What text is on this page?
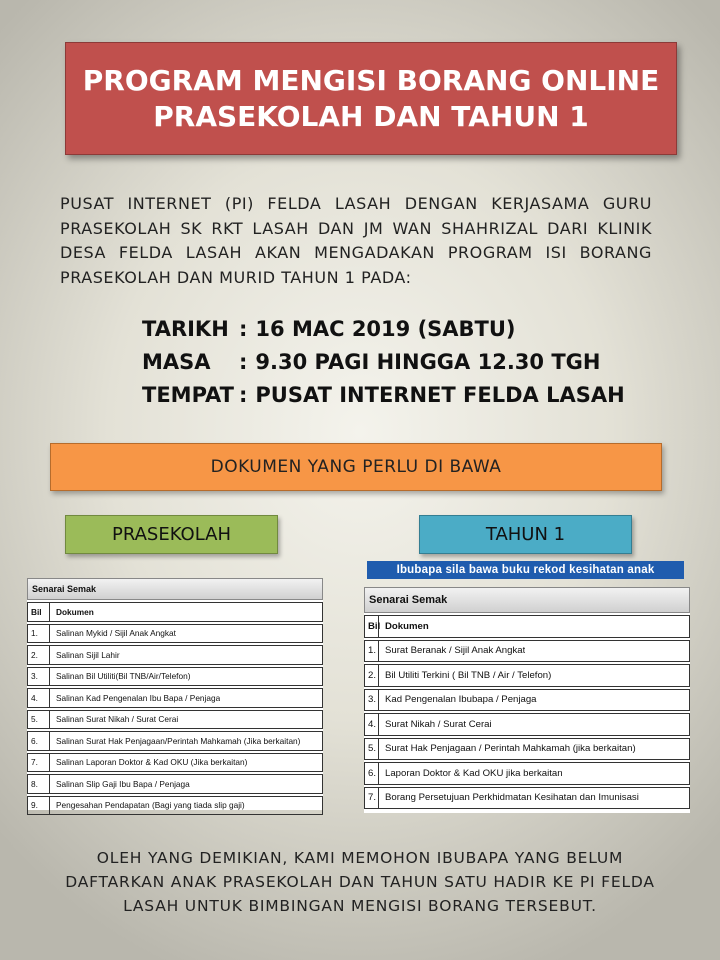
PROGRAM MENGISI BORANG ONLINE
PRASEKOLAH DAN TAHUN 1

PUSAT INTERNET (PI) FELDA LASAH DENGAN KERJASAMA GURU PRASEKOLAH SK RKT LASAH DAN JM WAN SHAHRIZAL DARI KLINIK DESA FELDA LASAH AKAN MENGADAKAN PROGRAM ISI BORANG PRASEKOLAH DAN MURID TAHUN 1 PADA:

TARIKH : 16 MAC 2019 (SABTU)
MASA	: 9.30 PAGI HINGGA 12.30 TGH
TEMPAT : PUSAT INTERNET FELDA LASAH
DOKUMEN YANG PERLU DI BAWA
PRASEKOLAH	TAHUN 1
Ibubapa sila bawa buku rekod kesihatan anak
Senarai Semak
Bil	Dokumen
1.	Salinan Mykid / Sijil Anak Angkat
2.	Salinan Sijil Lahir
3.	Salinan Bil Utiliti(Bil TNB/Air/Telefon)
4.	Salinan Kad Pengenalan Ibu Bapa / Penjaga
5.	Salinan Surat Nikah / Surat Cerai
6.	Salinan Surat Hak Penjagaan/Perintah Mahkamah (Jika berkaitan)
7.	Salinan Laporan Doktor & Kad OKU (Jika berkaitan)
8.	Salinan Slip Gaji Ibu Bapa / Penjaga
9.	Pengesahan Pendapatan (Bagi yang tiada slip gaji)
Senarai Semak
Bil Dokumen
1. Surat Beranak / Sijil Anak Angkat
2. Bil Utiliti Terkini ( Bil TNB / Air / Telefon)
3. Kad Pengenalan Ibubapa / Penjaga
4. Surat Nikah / Surat Cerai
5. Surat Hak Penjagaan / Perintah Mahkamah (jika berkaitan)
6. Laporan Doktor & Kad OKU jika berkaitan
7. Borang Persetujuan Perkhidmatan Kesihatan dan Imunisasi

OLEH YANG DEMIKIAN, KAMI MEMOHON IBUBAPA YANG BELUM DAFTARKAN ANAK PRASEKOLAH DAN TAHUN SATU HADIR KE PI FELDA LASAH UNTUK BIMBINGAN MENGISI BORANG TERSEBUT.
